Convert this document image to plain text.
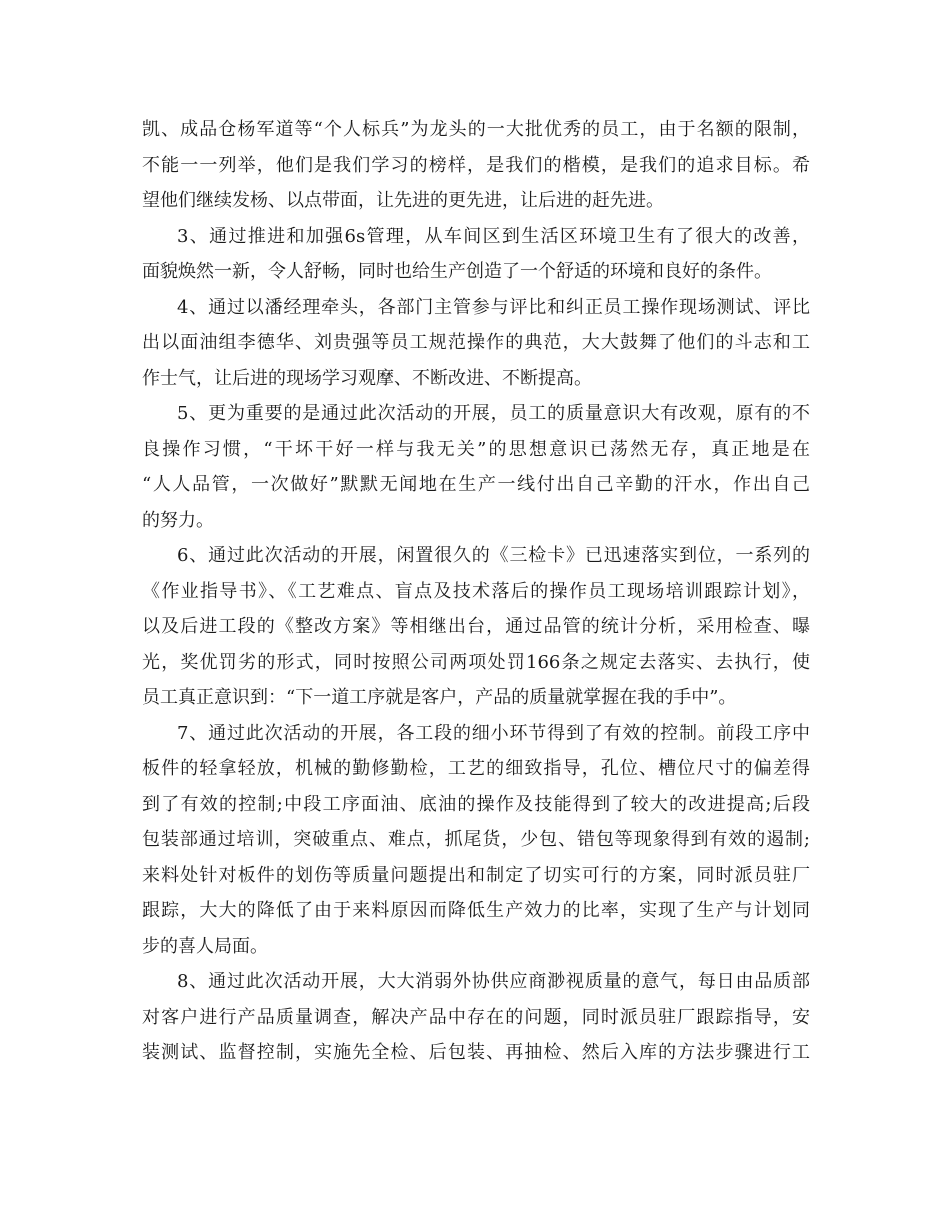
凯、成品仓杨军道等“个人标兵”为龙头的一大批优秀的员工，由于名额的限制，
不能一一列举，他们是我们学习的榜样，是我们的楷模，是我们的追求目标。希
望他们继续发杨、以点带面，让先进的更先进，让后进的赶先进。
3、通过推进和加强6s管理，从车间区到生活区环境卫生有了很大的改善，
面貌焕然一新，令人舒畅，同时也给生产创造了一个舒适的环境和良好的条件。
4、通过以潘经理牵头，各部门主管参与评比和纠正员工操作现场测试、评比
出以面油组李德华、刘贵强等员工规范操作的典范，大大鼓舞了他们的斗志和工
作士气，让后进的现场学习观摩、不断改进、不断提高。
5、更为重要的是通过此次活动的开展，员工的质量意识大有改观，原有的不
良操作习惯，“干坏干好一样与我无关”的思想意识已荡然无存，真正地是在
“人人品管，一次做好”默默无闻地在生产一线付出自己辛勤的汗水，作出自己
的努力。
6、通过此次活动的开展，闲置很久的《三检卡》已迅速落实到位，一系列的
《作业指导书》、《工艺难点、盲点及技术落后的操作员工现场培训跟踪计划》，
以及后进工段的《整改方案》等相继出台，通过品管的统计分析，采用检查、曝
光，奖优罚劣的形式，同时按照公司两项处罚166条之规定去落实、去执行，使
员工真正意识到：“下一道工序就是客户，产品的质量就掌握在我的手中”。
7、通过此次活动的开展，各工段的细小环节得到了有效的控制。前段工序中
板件的轻拿轻放，机械的勤修勤检，工艺的细致指导，孔位、槽位尺寸的偏差得
到了有效的控制;中段工序面油、底油的操作及技能得到了较大的改进提高;后段
包装部通过培训，突破重点、难点，抓尾货，少包、错包等现象得到有效的遏制;
来料处针对板件的划伤等质量问题提出和制定了切实可行的方案，同时派员驻厂
跟踪，大大的降低了由于来料原因而降低生产效力的比率，实现了生产与计划同
步的喜人局面。
8、通过此次活动开展，大大消弱外协供应商渺视质量的意气，每日由品质部
对客户进行产品质量调查，解决产品中存在的问题，同时派员驻厂跟踪指导，安
装测试、监督控制，实施先全检、后包装、再抽检、然后入库的方法步骤进行工
